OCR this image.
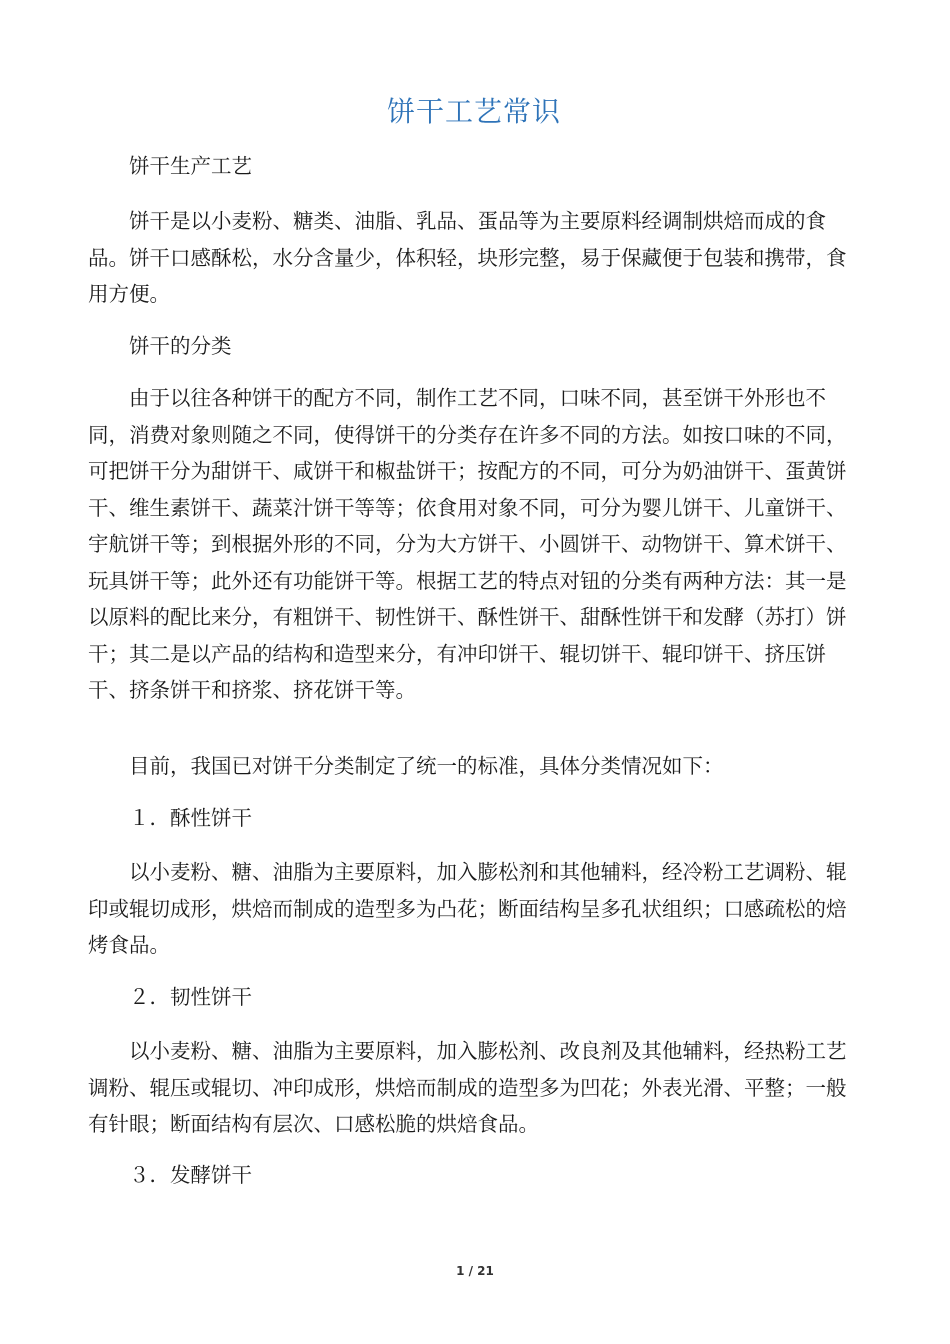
饼干工艺常识

饼干生产工艺

饼干是以小麦粉、糖类、油脂、乳品、蛋品等为主要原料经调制烘焙而成的食品。饼干口感酥松，水分含量少，体积轻，块形完整，易于保藏便于包装和携带，食用方便。

饼干的分类

由于以往各种饼干的配方不同，制作工艺不同，口味不同，甚至饼干外形也不同，消费对象则随之不同，使得饼干的分类存在许多不同的方法。如按口味的不同，可把饼干分为甜饼干、咸饼干和椒盐饼干；按配方的不同，可分为奶油饼干、蛋黄饼干、维生素饼干、蔬菜汁饼干等等；依食用对象不同，可分为婴儿饼干、儿童饼干、宇航饼干等；到根据外形的不同，分为大方饼干、小圆饼干、动物饼干、算术饼干、玩具饼干等；此外还有功能饼干等。根据工艺的特点对钮的分类有两种方法：其一是以原料的配比来分，有粗饼干、韧性饼干、酥性饼干、甜酥性饼干和发酵（苏打）饼干；其二是以产品的结构和造型来分，有冲印饼干、辊切饼干、辊印饼干、挤压饼干、挤条饼干和挤浆、挤花饼干等。

目前，我国已对饼干分类制定了统一的标准，具体分类情况如下：

１．酥性饼干

以小麦粉、糖、油脂为主要原料，加入膨松剂和其他辅料，经冷粉工艺调粉、辊印或辊切成形，烘焙而制成的造型多为凸花；断面结构呈多孔状组织；口感疏松的焙烤食品。

２．韧性饼干

以小麦粉、糖、油脂为主要原料，加入膨松剂、改良剂及其他辅料，经热粉工艺调粉、辊压或辊切、冲印成形，烘焙而制成的造型多为凹花；外表光滑、平整；一般有针眼；断面结构有层次、口感松脆的烘焙食品。

３．发酵饼干

1 / 21
